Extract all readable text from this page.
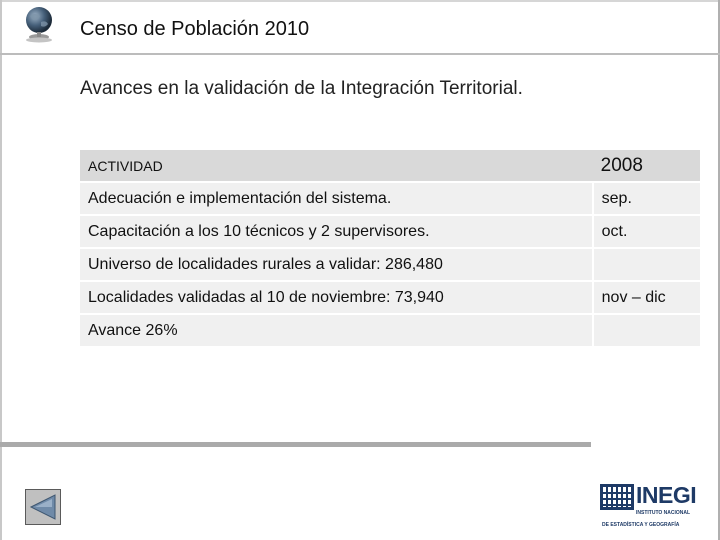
Censo de Población 2010
Avances en la validación de la Integración Territorial.
ACTIVIDAD	2008
Adecuación e implementación del sistema.	sep.
Capacitación a los 10 técnicos y 2 supervisores.	oct.
Universo de localidades rurales a validar: 286,480	
Localidades validadas al 10 de noviembre: 73,940	nov – dic
Avance 26%	
INEGI
INSTITUTO NACIONAL
DE ESTADÍSTICA Y GEOGRAFÍA
